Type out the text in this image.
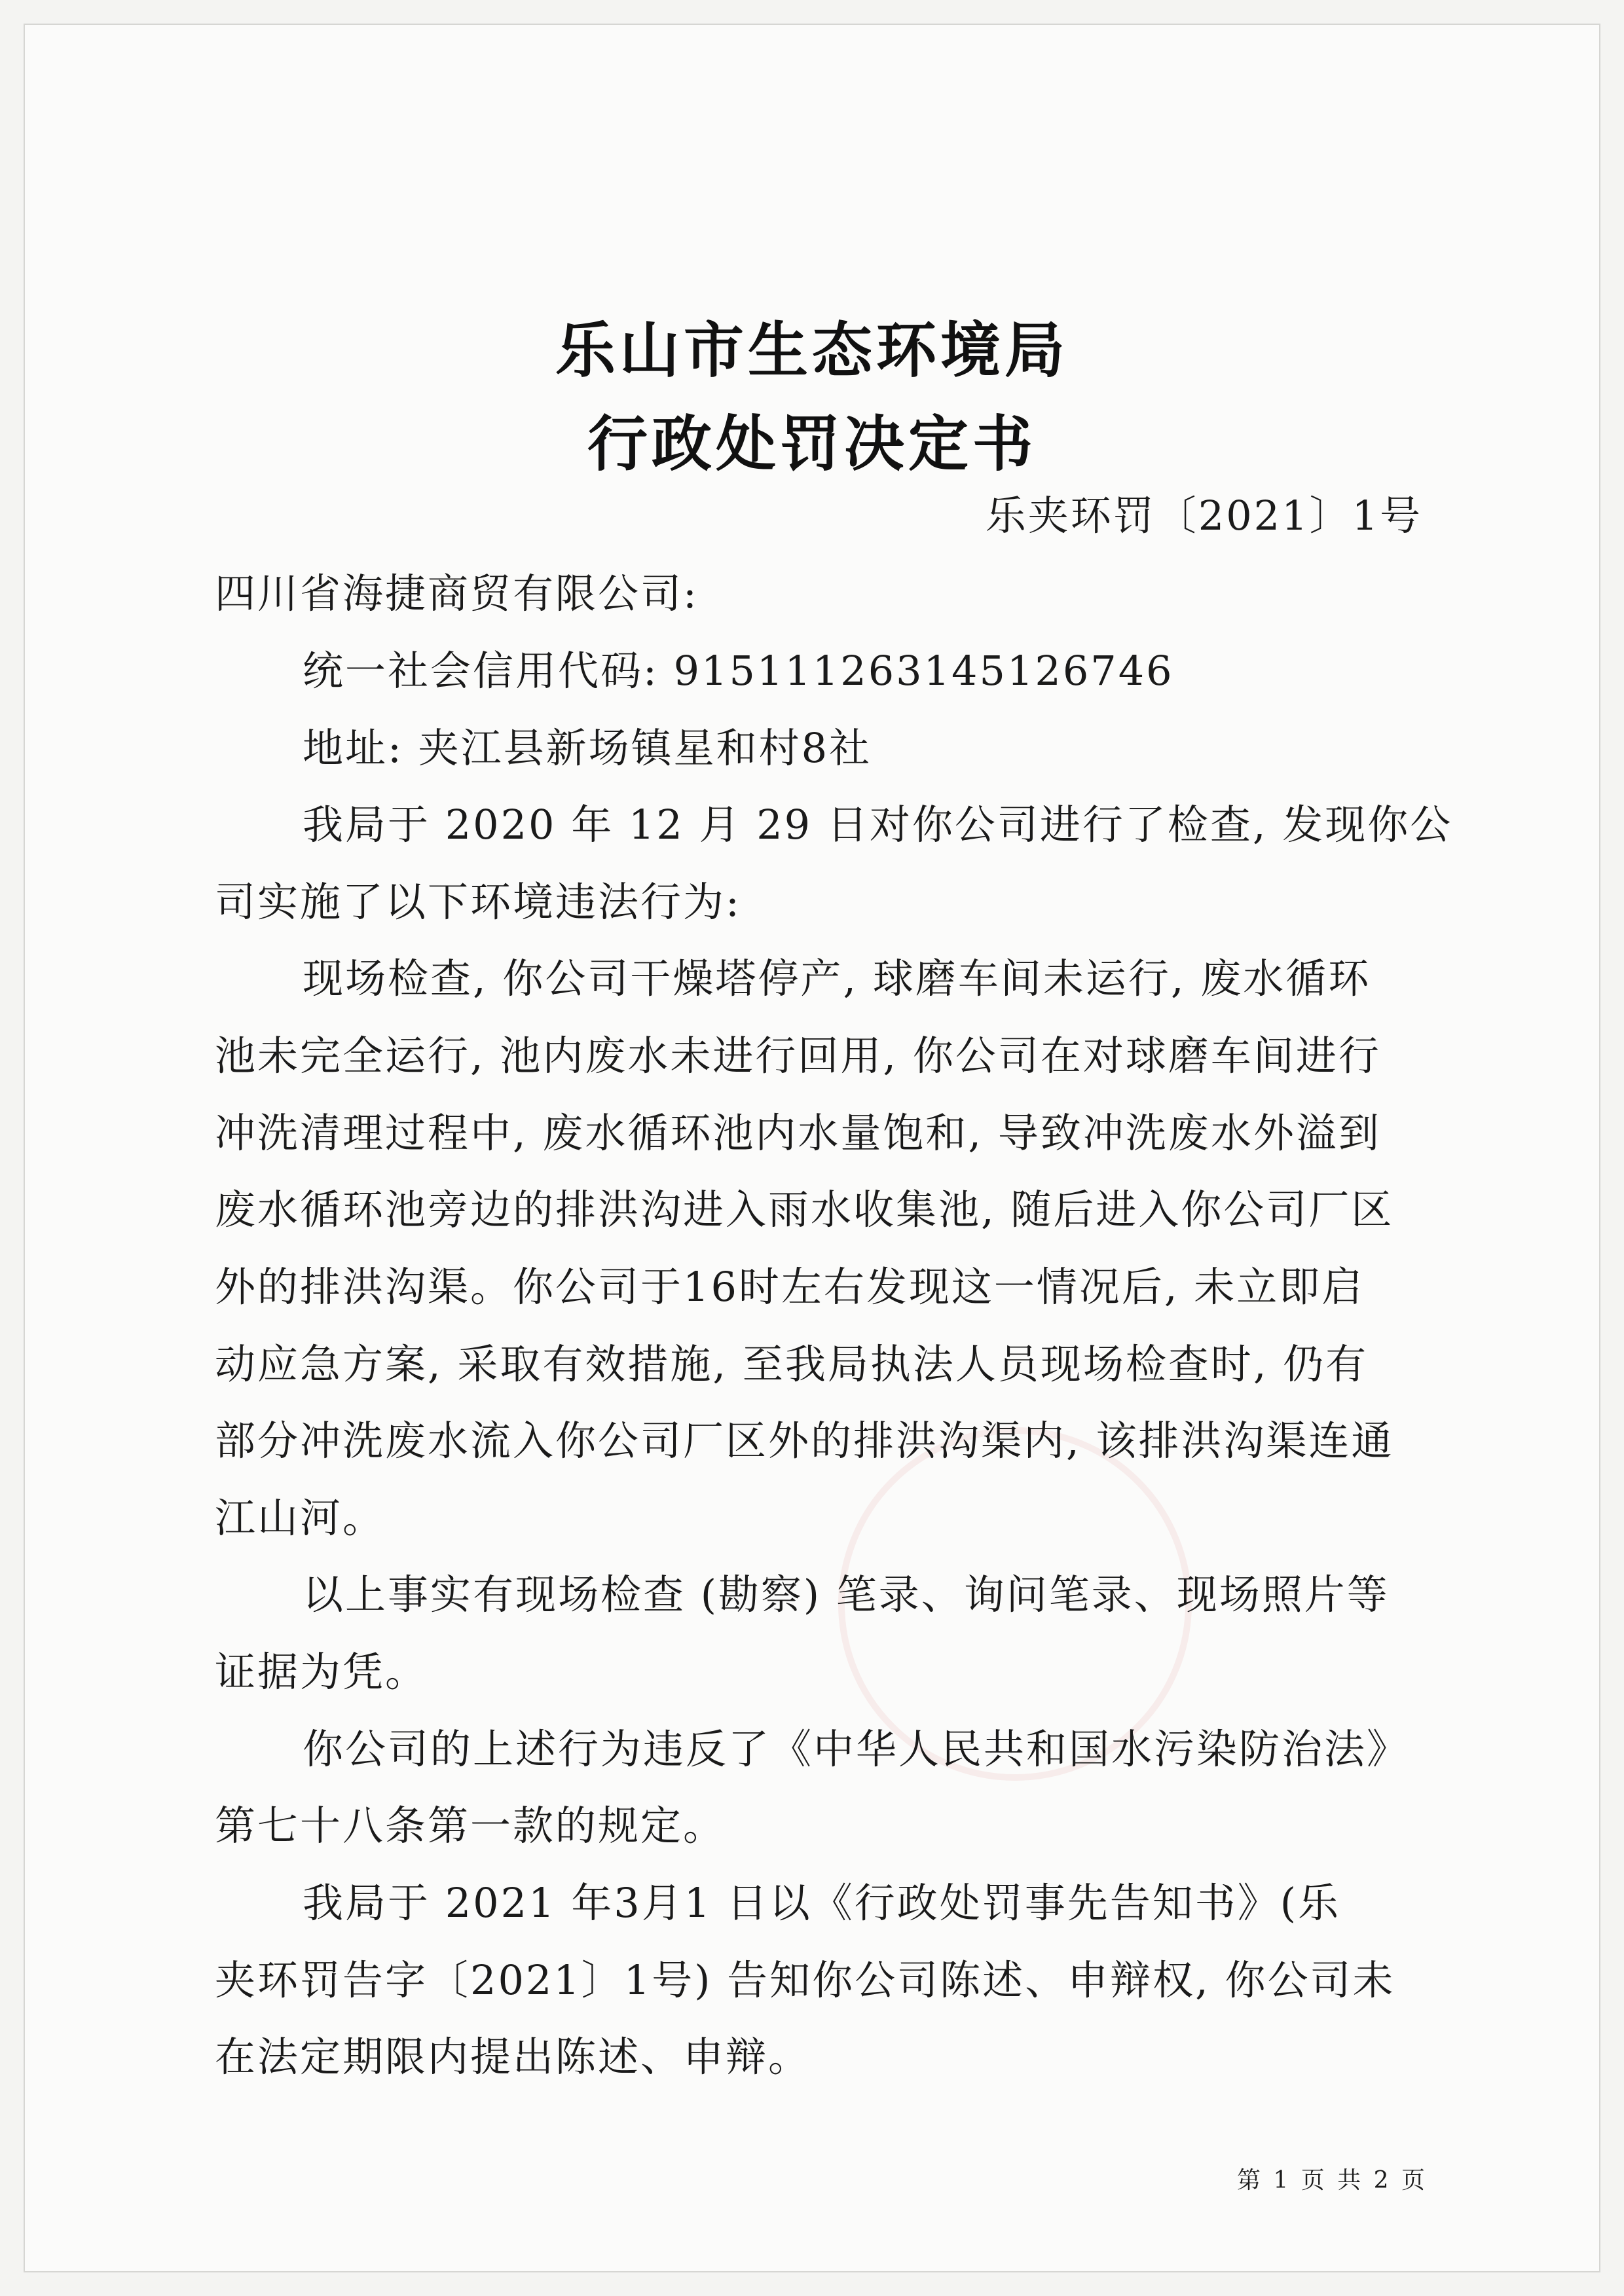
乐山市生态环境局
行政处罚决定书
乐夹环罚〔2021〕1号
四川省海捷商贸有限公司:
统一社会信用代码: 91511126314512674​6
地址: 夹江县新场镇星和村8社
我局于 2020 年 12 月 29 日对你公司进行了检查, 发现你公
司实施了以下环境违法行为:
现场检查, 你公司干燥塔停产, 球磨车间未运行, 废水循环
池未完全运行, 池内废水未进行回用, 你公司在对球磨车间进行
冲洗清理过程中, 废水循环池内水量饱和, 导致冲洗废水外溢到
废水循环池旁边的排洪沟进入雨水收集池, 随后进入你公司厂区
外的排洪沟渠。你公司于16时左右发现这一情况后, 未立即启
动应急方案, 采取有效措施, 至我局执法人员现场检查时, 仍有
部分冲洗废水流入你公司厂区外的排洪沟渠内, 该排洪沟渠连通
江山河。
以上事实有现场检查 (勘察) 笔录、询问笔录、现场照片等
证据为凭。
你公司的上述行为违反了《中华人民共和国水污染防治法》
第七十八条第一款的规定。
我局于 2021 年3月1 日以《行政处罚事先告知书》(乐
夹环罚告字〔2021〕1号) 告知你公司陈述、申辩权, 你公司未
在法定期限内提出陈述、申辩。
第 1 页 共 2 页
